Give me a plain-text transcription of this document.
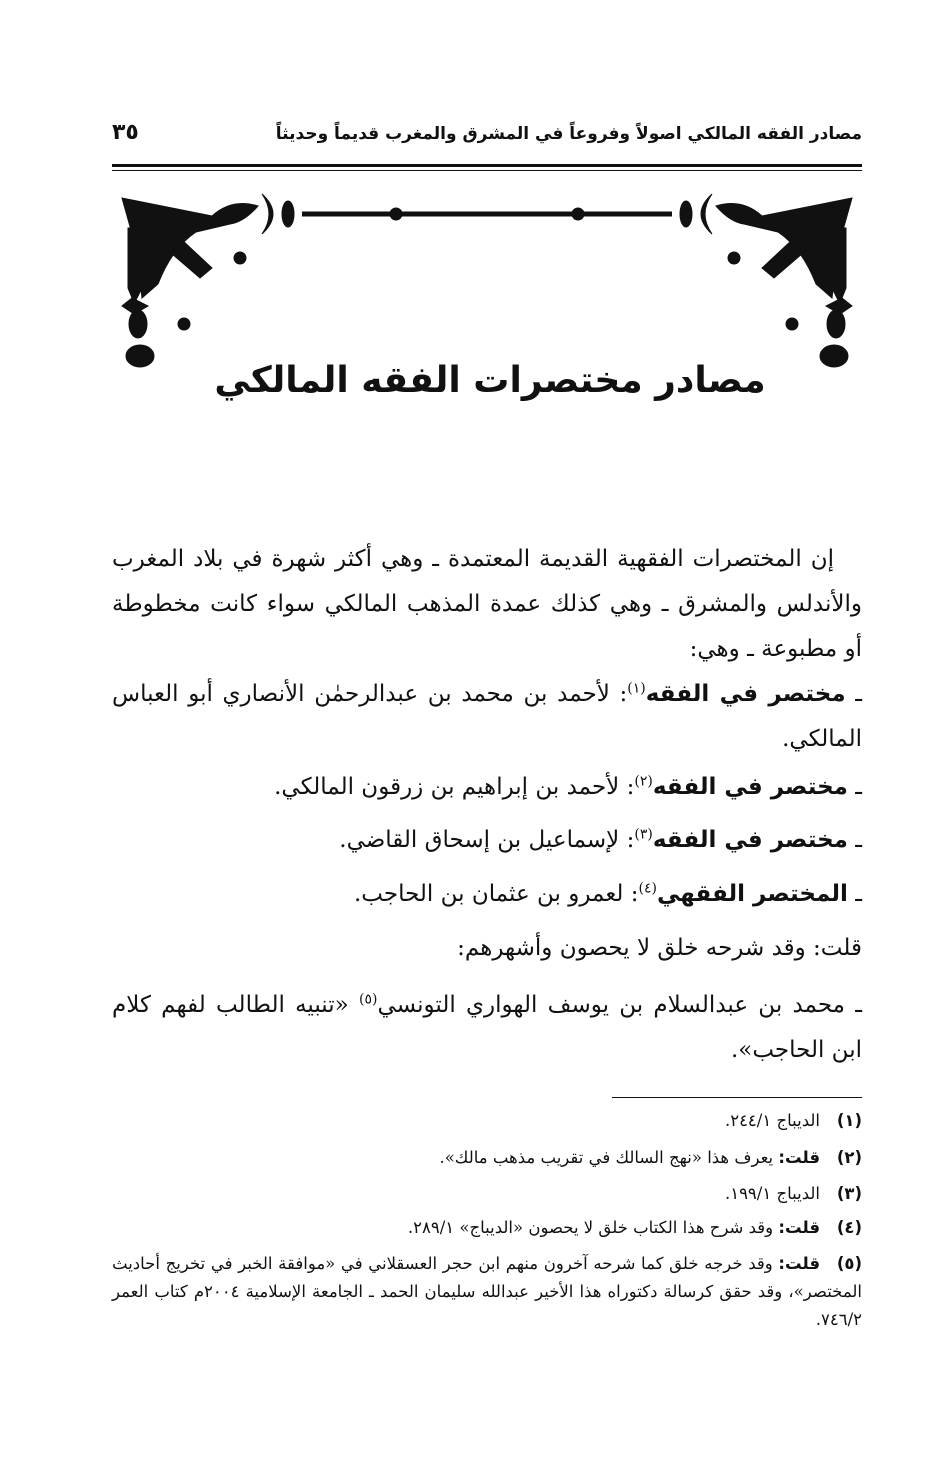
مصادر الفقه المالكي اصولاً وفروعاً في المشرق والمغرب قديماً وحديثاً
٣٥
مصادر مختصرات الفقه المالكي
إن المختصرات الفقهية القديمة المعتمدة ـ وهي أكثر شهرة في بلاد المغرب والأندلس والمشرق ـ وهي كذلك عمدة المذهب المالكي سواء كانت مخطوطة أو مطبوعة ـ وهي:
ـ مختصر في الفقه$^{(١)}$: لأحمد بن محمد بن عبدالرحمٰن الأنصاري أبو العباس المالكي.
ـ مختصر في الفقه$^{(٢)}$: لأحمد بن إبراهيم بن زرقون المالكي.
ـ مختصر في الفقه$^{(٣)}$: لإسماعيل بن إسحاق القاضي.
ـ المختصر الفقهي$^{(٤)}$: لعمرو بن عثمان بن الحاجب.
قلت: وقد شرحه خلق لا يحصون وأشهرهم:
ـ محمد بن عبدالسلام بن يوسف الهواري التونسي$^{(٥)}$ «تنبيه الطالب لفهم كلام ابن الحاجب».
(١)الديباج ٢٤٤/١.
(٢)قلت: يعرف هذا «نهج السالك في تقريب مذهب مالك».
(٣)الديباج ١٩٩/١.
(٤)قلت: وقد شرح هذا الكتاب خلق لا يحصون «الديباج» ٢٨٩/١.
(٥)قلت: وقد خرجه خلق كما شرحه آخرون منهم ابن حجر العسقلاني في «موافقة الخبر في تخريج أحاديث المختصر»، وقد حقق كرسالة دكتوراه هذا الأخير عبدالله سليمان الحمد ـ الجامعة الإسلامية ٢٠٠٤م كتاب العمر ٧٤٦/٢.
